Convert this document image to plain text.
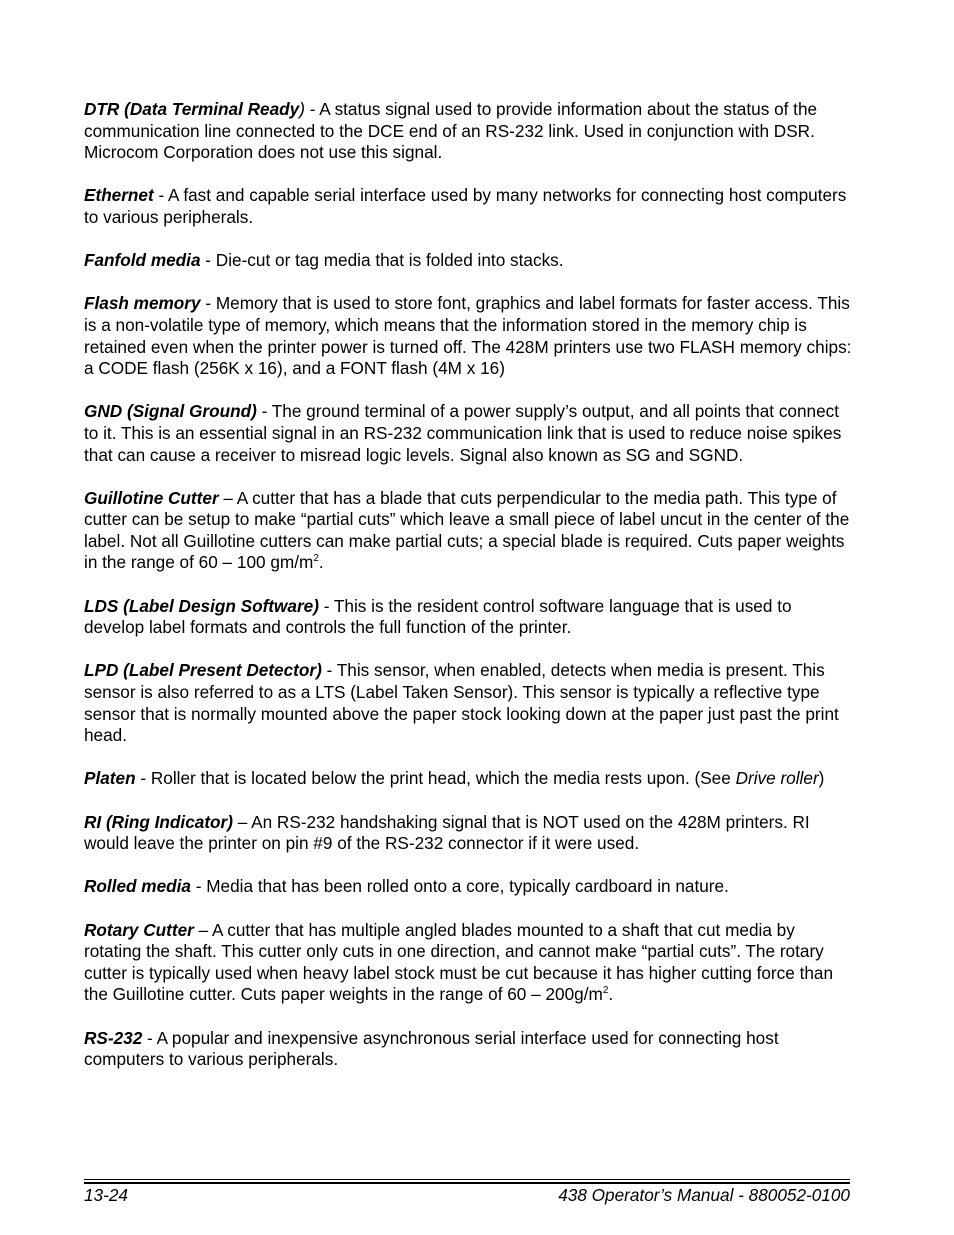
DTR (Data Terminal Ready) - A status signal used to provide information about the status of the communication line connected to the DCE end of an RS-232 link. Used in conjunction with DSR. Microcom Corporation does not use this signal.

Ethernet - A fast and capable serial interface used by many networks for connecting host computers to various peripherals.

Fanfold media - Die-cut or tag media that is folded into stacks.

Flash memory - Memory that is used to store font, graphics and label formats for faster access. This is a non-volatile type of memory, which means that the information stored in the memory chip is retained even when the printer power is turned off. The 428M printers use two FLASH memory chips: a CODE flash (256K x 16), and a FONT flash (4M x 16)

GND (Signal Ground) - The ground terminal of a power supply’s output, and all points that connect to it. This is an essential signal in an RS-232 communication link that is used to reduce noise spikes that can cause a receiver to misread logic levels. Signal also known as SG and SGND.

Guillotine Cutter – A cutter that has a blade that cuts perpendicular to the media path. This type of cutter can be setup to make “partial cuts” which leave a small piece of label uncut in the center of the label. Not all Guillotine cutters can make partial cuts; a special blade is required. Cuts paper weights in the range of 60 – 100 $gm/m^2$.

LDS (Label Design Software) - This is the resident control software language that is used to develop label formats and controls the full function of the printer.

LPD (Label Present Detector) - This sensor, when enabled, detects when media is present. This sensor is also referred to as a LTS (Label Taken Sensor). This sensor is typically a reflective type sensor that is normally mounted above the paper stock looking down at the paper just past the print head.

Platen - Roller that is located below the print head, which the media rests upon. (See Drive roller)

RI (Ring Indicator) – An RS-232 handshaking signal that is NOT used on the 428M printers. RI would leave the printer on pin #9 of the RS-232 connector if it were used.

Rolled media - Media that has been rolled onto a core, typically cardboard in nature.

Rotary Cutter – A cutter that has multiple angled blades mounted to a shaft that cut media by rotating the shaft. This cutter only cuts in one direction, and cannot make “partial cuts”. The rotary cutter is typically used when heavy label stock must be cut because it has higher cutting force than the Guillotine cutter. Cuts paper weights in the range of $60 - 200g/m^2$.

RS-232 - A popular and inexpensive asynchronous serial interface used for connecting host computers to various peripherals.

13-24	438 Operator’s Manual - 880052-0100
